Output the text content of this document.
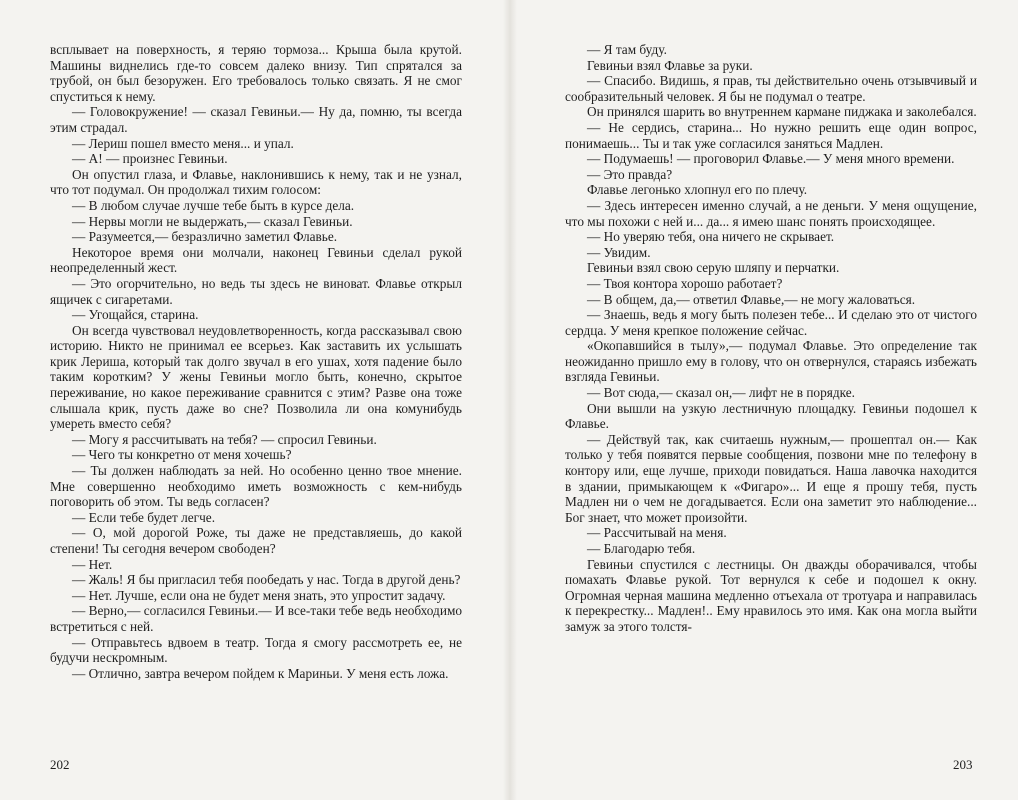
всплывает на поверхность, я теряю тормоза... Крыша была крутой. Машины виднелись где-то совсем далеко внизу. Тип спрятался за трубой, он был безоружен. Его требовалось только связать. Я не смог спуститься к нему.

— Головокружение! — сказал Гевиньи.— Ну да, помню, ты всегда этим страдал.

— Лериш пошел вместо меня... и упал.

— А! — произнес Гевиньи.

Он опустил глаза, и Флавье, наклонившись к нему, так и не узнал, что тот подумал. Он продолжал тихим голосом:

— В любом случае лучше тебе быть в курсе дела.

— Нервы могли не выдержать,— сказал Гевиньи.

— Разумеется,— безразлично заметил Флавье.

Некоторое время они молчали, наконец Гевиньи сделал рукой неопределенный жест.

— Это огорчительно, но ведь ты здесь не виноват. Флавье открыл ящичек с сигаретами.

— Угощайся, старина.

Он всегда чувствовал неудовлетворенность, когда рассказывал свою историю. Никто не принимал ее всерьез. Как заставить их услышать крик Лериша, который так долго звучал в его ушах, хотя падение было таким коротким? У жены Гевиньи могло быть, конечно, скрытое переживание, но какое переживание сравнится с этим? Разве она тоже слышала крик, пусть даже во сне? Позволила ли она комунибудь умереть вместо себя?

— Могу я рассчитывать на тебя? — спросил Гевиньи.

— Чего ты конкретно от меня хочешь?

— Ты должен наблюдать за ней. Но особенно ценно твое мнение. Мне совершенно необходимо иметь возможность с кем-нибудь поговорить об этом. Ты ведь согласен?

— Если тебе будет легче.

— О, мой дорогой Роже, ты даже не представляешь, до какой степени! Ты сегодня вечером свободен?

— Нет.

— Жаль! Я бы пригласил тебя пообедать у нас. Тогда в другой день?

— Нет. Лучше, если она не будет меня знать, это упростит задачу.

— Верно,— согласился Гевиньи.— И все-таки тебе ведь необходимо встретиться с ней.

— Отправьтесь вдвоем в театр. Тогда я смогу рассмотреть ее, не будучи нескромным.

— Отлично, завтра вечером пойдем к Мариньи. У меня есть ложа.

— Я там буду.

Гевиньи взял Флавье за руки.

— Спасибо. Видишь, я прав, ты действительно очень отзывчивый и сообразительный человек. Я бы не подумал о театре.

Он принялся шарить во внутреннем кармане пиджака и заколебался.

— Не сердись, старина... Но нужно решить еще один вопрос, понимаешь... Ты и так уже согласился заняться Мадлен.

— Подумаешь! — проговорил Флавье.— У меня много времени.

— Это правда?

Флавье легонько хлопнул его по плечу.

— Здесь интересен именно случай, а не деньги. У меня ощущение, что мы похожи с ней и... да... я имею шанс понять происходящее.

— Но уверяю тебя, она ничего не скрывает.

— Увидим.

Гевиньи взял свою серую шляпу и перчатки.

— Твоя контора хорошо работает?

— В общем, да,— ответил Флавье,— не могу жаловаться.

— Знаешь, ведь я могу быть полезен тебе... И сделаю это от чистого сердца. У меня крепкое положение сейчас.

«Окопавшийся в тылу»,— подумал Флавье. Это определение так неожиданно пришло ему в голову, что он отвернулся, стараясь избежать взгляда Гевиньи.

— Вот сюда,— сказал он,— лифт не в порядке.

Они вышли на узкую лестничную площадку. Гевиньи подошел к Флавье.

— Действуй так, как считаешь нужным,— прошептал он.— Как только у тебя появятся первые сообщения, позвони мне по телефону в контору или, еще лучше, приходи повидаться. Наша лавочка находится в здании, примыкающем к «Фигаро»... И еще я прошу тебя, пусть Мадлен ни о чем не догадывается. Если она заметит это наблюдение... Бог знает, что может произойти.

— Рассчитывай на меня.

— Благодарю тебя.

Гевиньи спустился с лестницы. Он дважды оборачивался, чтобы помахать Флавье рукой. Тот вернулся к себе и подошел к окну. Огромная черная машина медленно отъехала от тротуара и направилась к перекрестку... Мадлен!.. Ему нравилось это имя. Как она могла выйти замуж за этого толстя-

202	203
